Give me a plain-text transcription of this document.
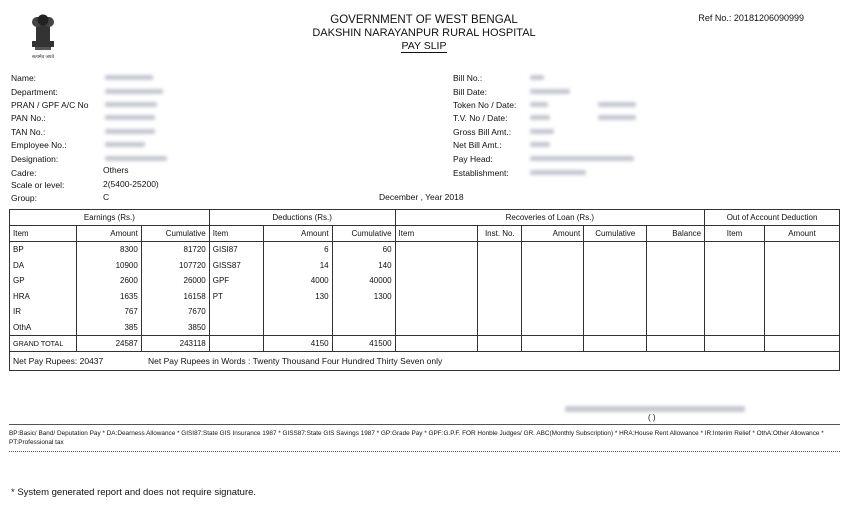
सत्यमेव जयते
GOVERNMENT OF WEST BENGAL
DAKSHIN NARAYANPUR RURAL HOSPITAL
PAY SLIP
Ref No.: 20181206090999
Name:
Department:
PRAN / GPF A/C No
PAN No.:
TAN No.:
Employee No.:
Designation:
Cadre:	Others
Scale or level:	2(5400-25200)
Group:	C
Bill No.:
Bill Date:
Token No / Date:
T.V. No / Date:
Gross Bill Amt.:
Net Bill Amt.:
Pay Head:
Establishment:
December , Year 2018
Earnings (Rs.)			Deductions (Rs.)			Recoveries of Loan (Rs.)					Out of Account Deduction	
Item	Amount	Cumulative	Item	Amount	Cumulative	Item	Inst. No.	Amount	Cumulative	Balance	Item	Amount
BP	8300	81720	GISI87	6	60							
DA	10900	107720	GISS87	14	140							
GP	2600	26000	GPF	4000	40000							
HRA	1635	16158	PT	130	1300							
IR	767	7670										
OthA	385	3850										
GRAND TOTAL	24587	243118		4150	41500							
Net Pay Rupees: 20437 Net Pay Rupees in Words : Twenty Thousand Four Hundred Thirty Seven only												
( )
BP:Basic/ Band/ Deputation Pay * DA:Dearness Allowance * GISI87:State GIS Insurance 1987 * GISS87:State GIS Savings 1987 * GP:Grade Pay * GPF:G.P.F. FOR Honble Judges/ GR. ABC(Monthly Subscription) * HRA:House Rent Allowance * IR:Interim Relief * OthA:Other Allowance * PT:Professional tax
* System generated report and does not require signature.
